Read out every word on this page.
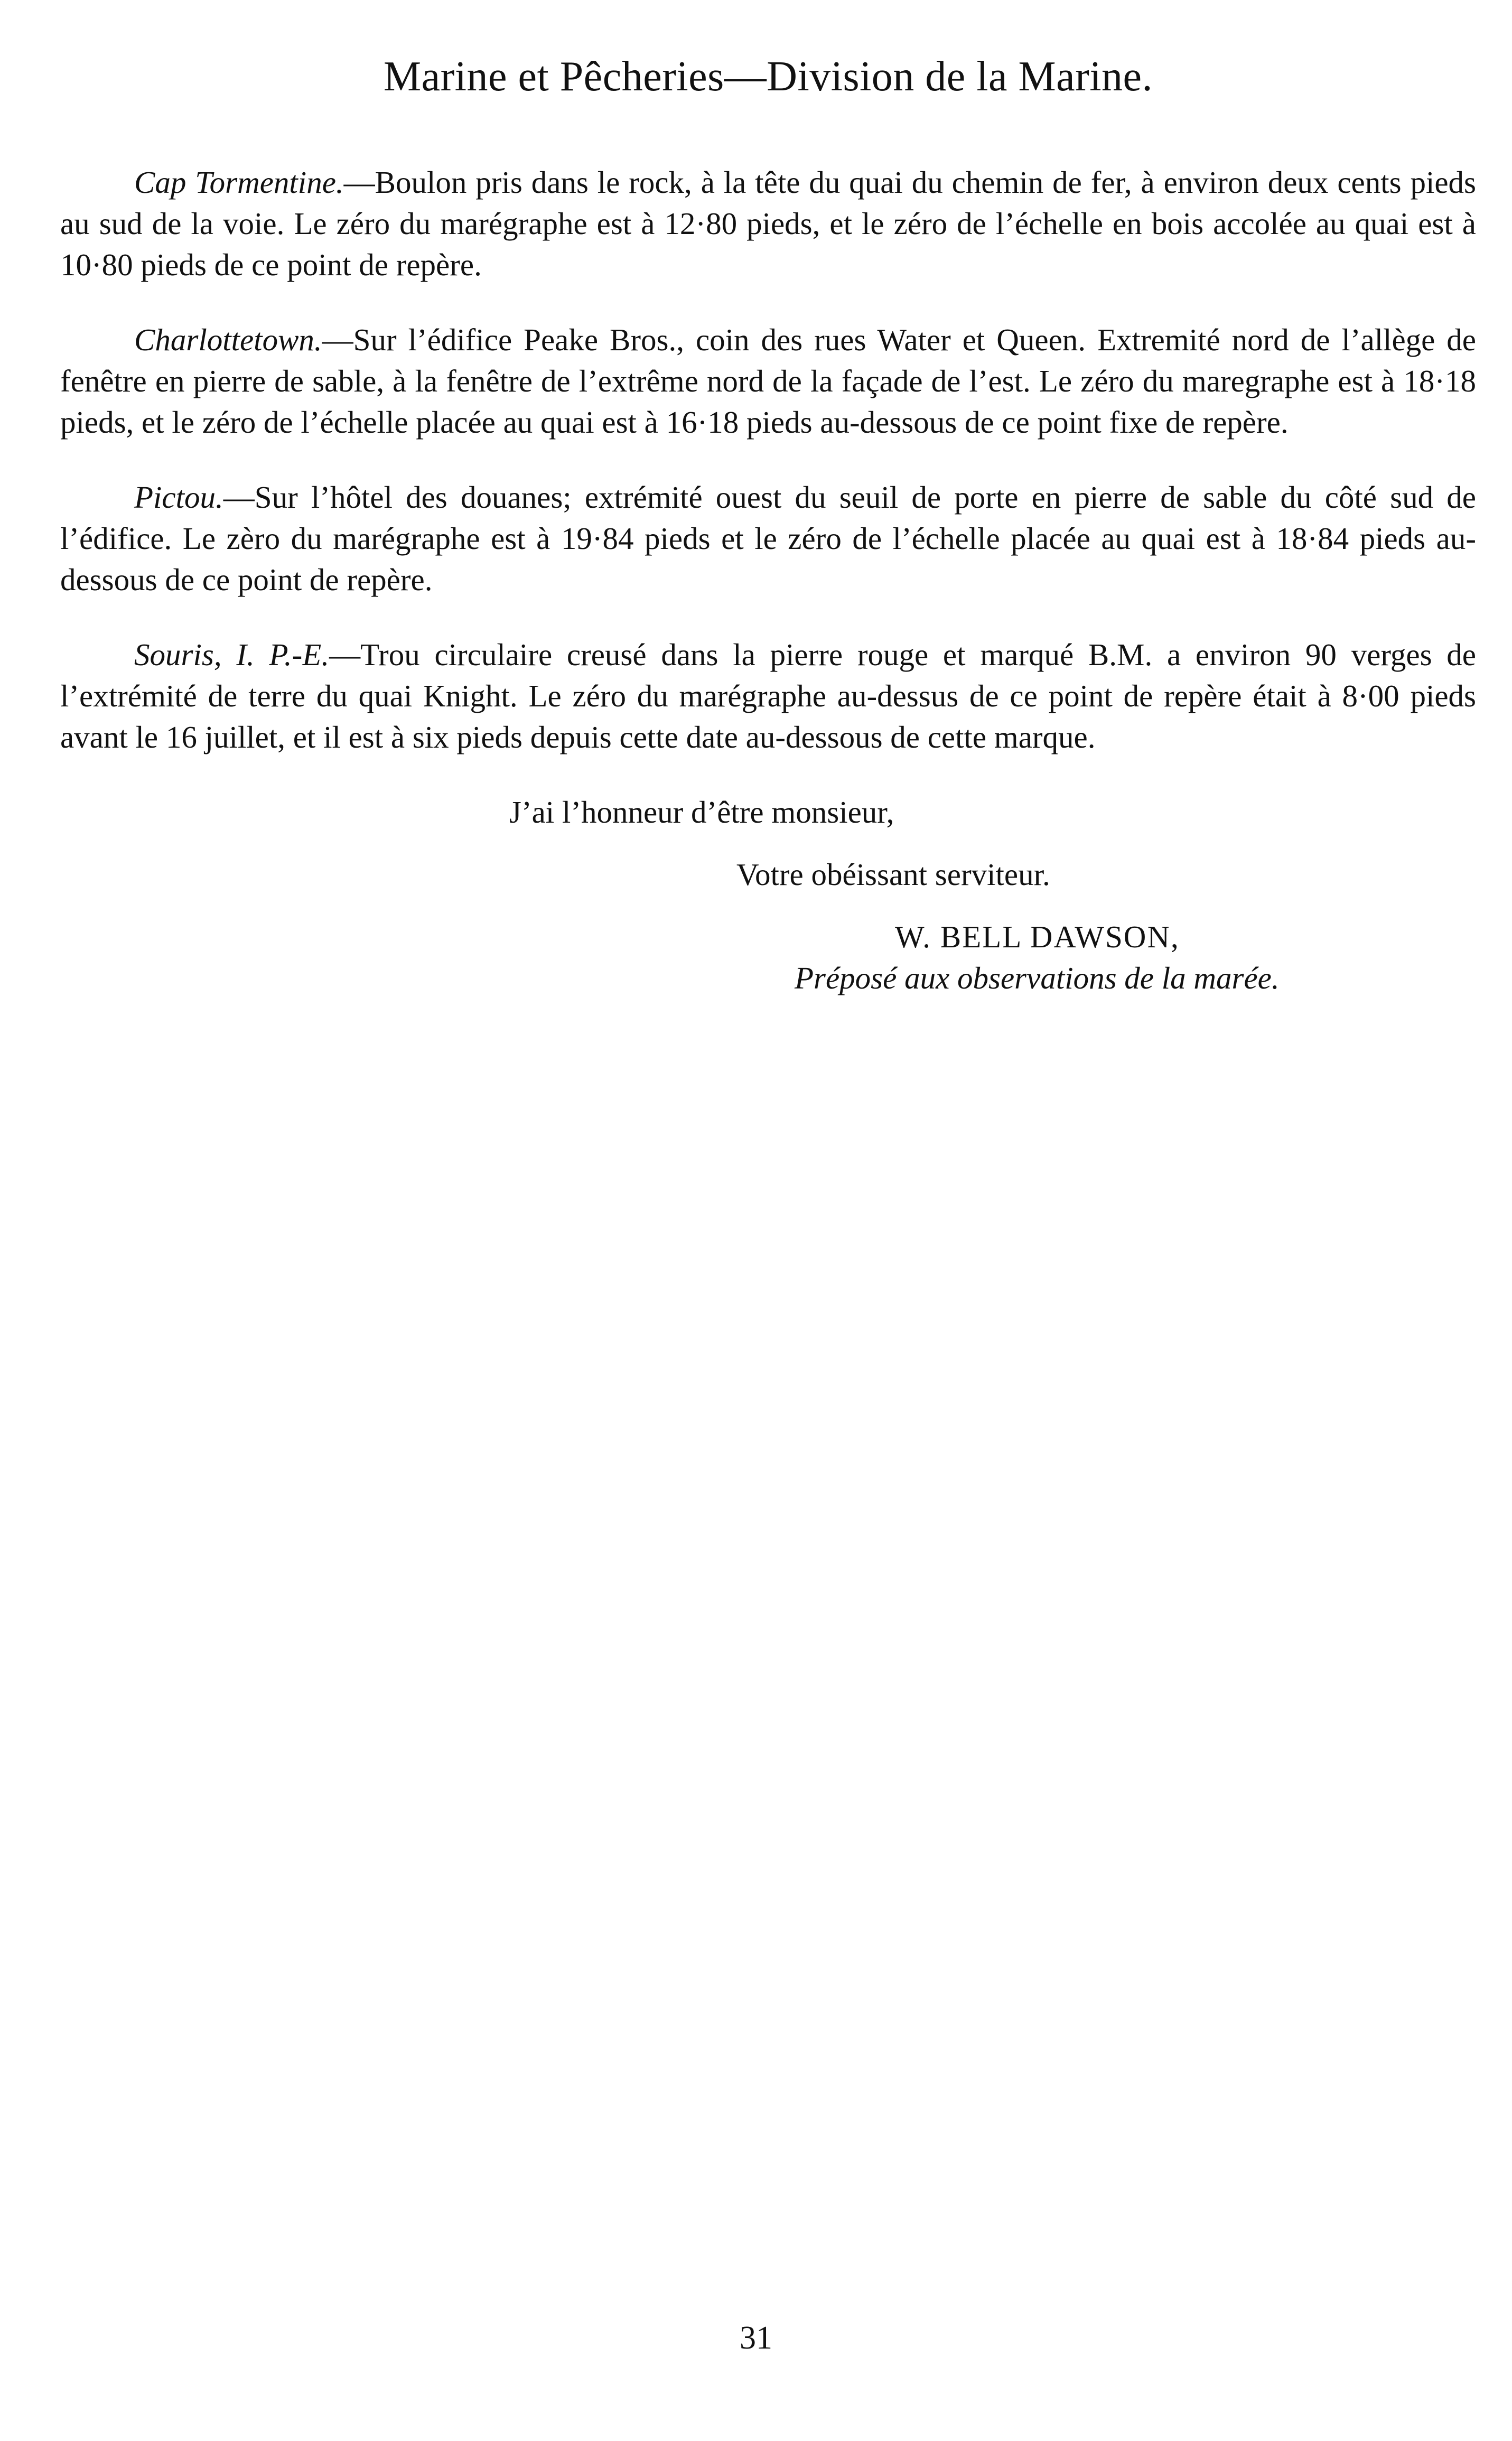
Marine et Pêcheries—Division de la Marine.

Cap Tormentine.—Boulon pris dans le rock, à la tête du quai du chemin de fer, à environ deux cents pieds au sud de la voie. Le zéro du marégraphe est à 12·80 pieds, et le zéro de l’échelle en bois accolée au quai est à 10·80 pieds de ce point de repère.

Charlottetown.—Sur l’édifice Peake Bros., coin des rues Water et Queen. Extremité nord de l’allège de fenêtre en pierre de sable, à la fenêtre de l’extrême nord de la façade de l’est. Le zéro du maregraphe est à 18·18 pieds, et le zéro de l’échelle placée au quai est à 16·18 pieds au-dessous de ce point fixe de repère.

Pictou.—Sur l’hôtel des douanes; extrémité ouest du seuil de porte en pierre de sable du côté sud de l’édifice. Le zèro du marégraphe est à 19·84 pieds et le zéro de l’échelle placée au quai est à 18·84 pieds au-dessous de ce point de repère.

Souris, I. P.-E.—Trou circulaire creusé dans la pierre rouge et marqué B.M. a environ 90 verges de l’extrémité de terre du quai Knight. Le zéro du marégraphe au-dessus de ce point de repère était à 8·00 pieds avant le 16 juillet, et il est à six pieds depuis cette date au-dessous de cette marque.

J’ai l’honneur d’être monsieur,

Votre obéissant serviteur.

W. BELL DAWSON,

Préposé aux observations de la marée.

31
